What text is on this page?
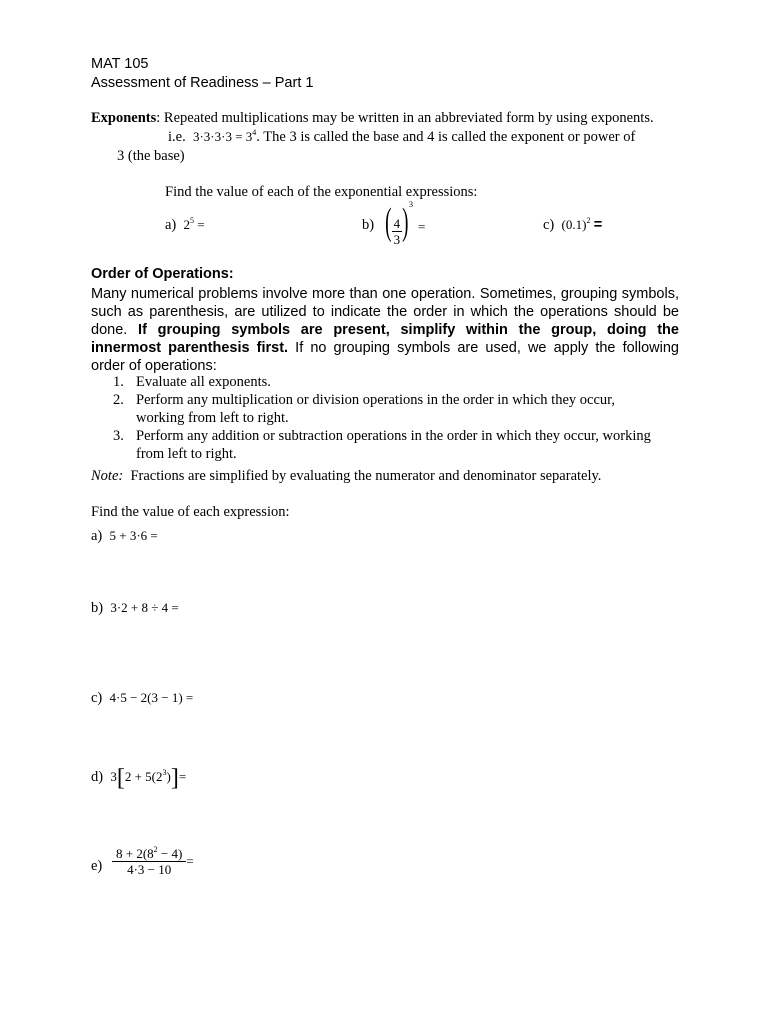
MAT 105
Assessment of Readiness – Part 1
Exponents: Repeated multiplications may be written in an abbreviated form by using exponents.
i.e. $3\cdot 3\cdot 3\cdot 3 = 3^4$. The 3 is called the base and 4 is called the exponent or power of
3 (the base)
Find the value of each of the exponential expressions:
a) $2^5$ =	b) ( $\frac{4}{3}$ ) 3
=	c) $(0.1)^2$ =
Order of Operations:
Many numerical problems involve more than one operation. Sometimes, grouping symbols, such as parenthesis, are utilized to indicate the order in which the operations should be done. If grouping symbols are present, simplify within the group, doing the innermost parenthesis first. If no grouping symbols are used, we apply the following order of operations:
1. Evaluate all exponents.
2. Perform any multiplication or division operations in the order in which they occur,
working from left to right.
3. Perform any addition or subtraction operations in the order in which they occur, working
from left to right.
Note: Fractions are simplified by evaluating the numerator and denominator separately.
Find the value of each expression:
a) 5 + 3·6 =
b) 3·2 + 8 ÷ 4 =
c) 4·5 − 2(3 − 1) =
d) $3[2 + 5(2^3)]=$
$e) \frac{8 + 2(8^2 - 4)}{4\cdot 3 - 10}$ =
